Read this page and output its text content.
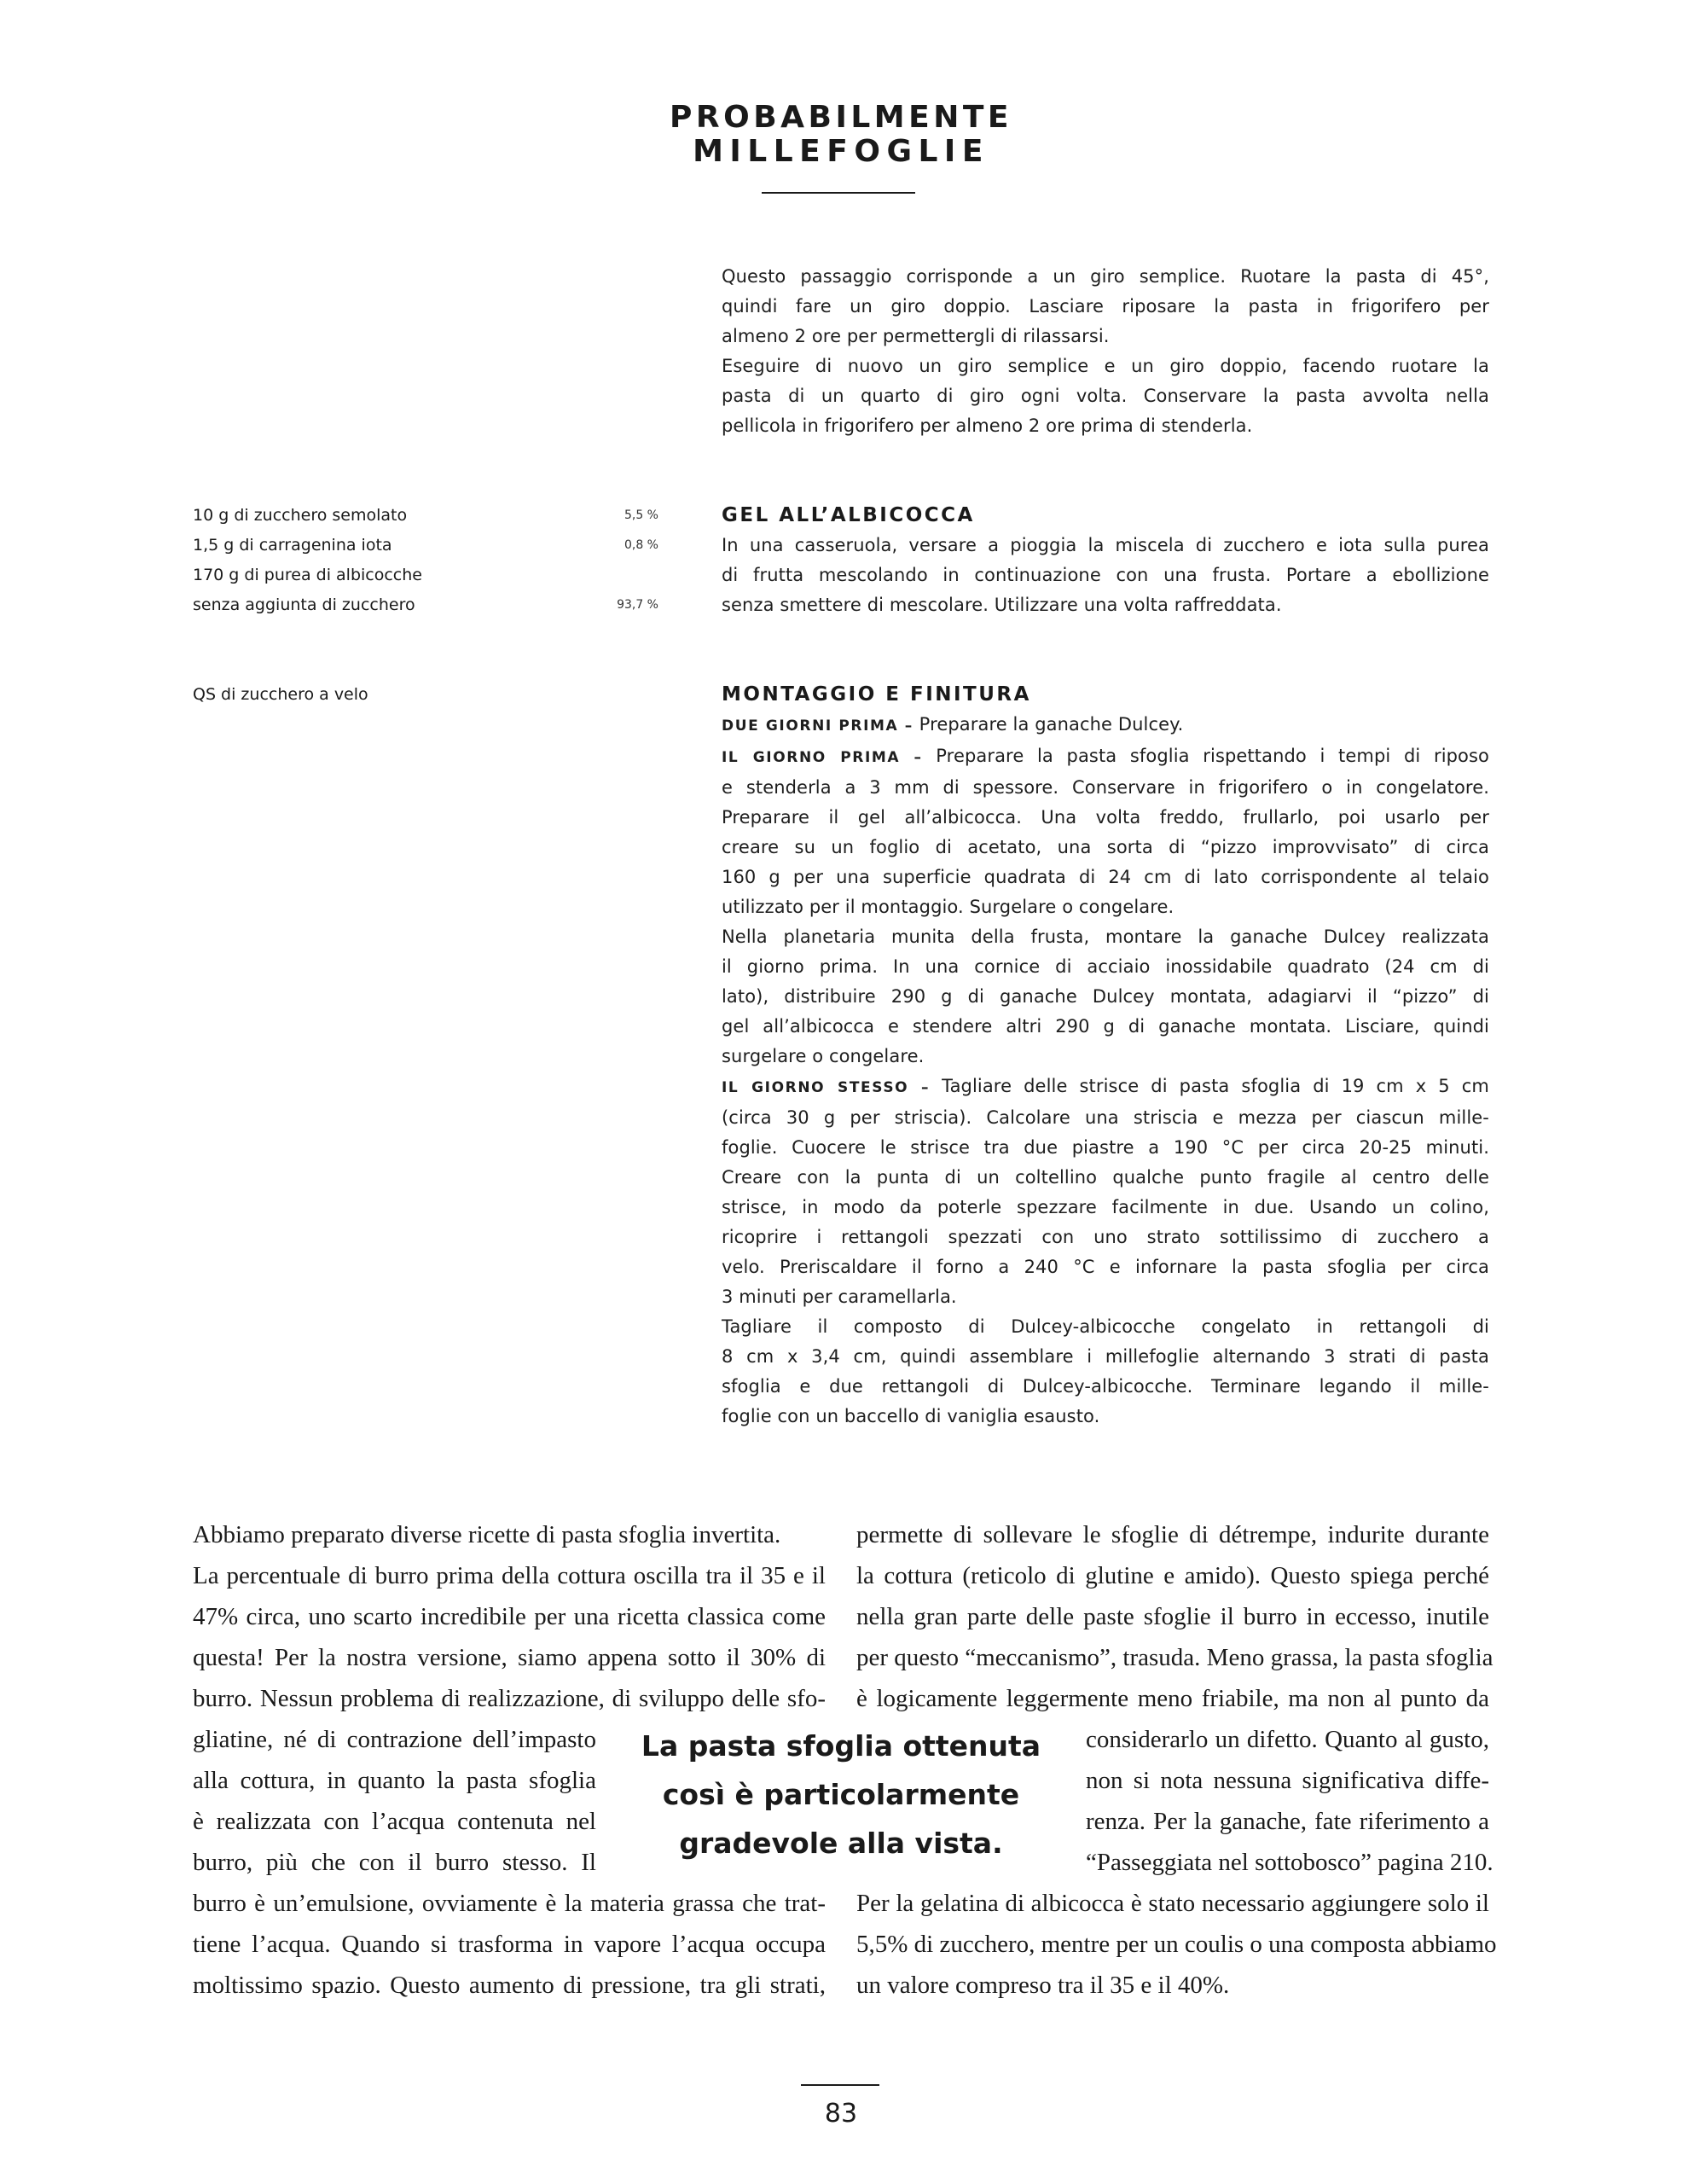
PROBABILMENTE
MILLEFOGLIE
Questo passaggio corrisponde a un giro semplice. Ruotare la pasta di 45°,
quindi fare un giro doppio. Lasciare riposare la pasta in frigorifero per
almeno 2 ore per permettergli di rilassarsi.
Eseguire di nuovo un giro semplice e un giro doppio, facendo ruotare la
pasta di un quarto di giro ogni volta. Conservare la pasta avvolta nella
pellicola in frigorifero per almeno 2 ore prima di stenderla.
10 g di zucchero semolato	5,5 %
1,5 g di carragenina iota	0,8 %
170 g di purea di albicocche
senza aggiunta di zucchero	93,7 %
GEL ALL’ALBICOCCA
In una casseruola, versare a pioggia la miscela di zucchero e iota sulla purea
di frutta mescolando in continuazione con una frusta. Portare a ebollizione
senza smettere di mescolare. Utilizzare una volta raffreddata.
QS di zucchero a velo	MONTAGGIO E FINITURA
DUE GIORNI PRIMA – Preparare la ganache Dulcey.
IL GIORNO PRIMA – Preparare la pasta sfoglia rispettando i tempi di riposo
e stenderla a 3 mm di spessore. Conservare in frigorifero o in congelatore.
Preparare il gel all’albicocca. Una volta freddo, frullarlo, poi usarlo per
creare su un foglio di acetato, una sorta di “pizzo improvvisato” di circa
160 g per una superficie quadrata di 24 cm di lato corrispondente al telaio
utilizzato per il montaggio. Surgelare o congelare.
Nella planetaria munita della frusta, montare la ganache Dulcey realizzata
il giorno prima. In una cornice di acciaio inossidabile quadrato (24 cm di
lato), distribuire 290 g di ganache Dulcey montata, adagiarvi il “pizzo” di
gel all’albicocca e stendere altri 290 g di ganache montata. Lisciare, quindi
surgelare o congelare.
IL GIORNO STESSO – Tagliare delle strisce di pasta sfoglia di 19 cm x 5 cm
(circa 30 g per striscia). Calcolare una striscia e mezza per ciascun mille-
foglie. Cuocere le strisce tra due piastre a 190 °C per circa 20-25 minuti.
Creare con la punta di un coltellino qualche punto fragile al centro delle
strisce, in modo da poterle spezzare facilmente in due. Usando un colino,
ricoprire i rettangoli spezzati con uno strato sottilissimo di zucchero a
velo. Preriscaldare il forno a 240 °C e infornare la pasta sfoglia per circa
3 minuti per caramellarla.
Tagliare il composto di Dulcey-albicocche congelato in rettangoli di
8 cm x 3,4 cm, quindi assemblare i millefoglie alternando 3 strati di pasta
sfoglia e due rettangoli di Dulcey-albicocche. Terminare legando il mille-
foglie con un baccello di vaniglia esausto.
Abbiamo preparato diverse ricette di pasta sfoglia invertita.
La percentuale di burro prima della cottura oscilla tra il 35 e il
47% circa, uno scarto incredibile per una ricetta classica come
questa! Per la nostra versione, siamo appena sotto il 30% di
burro. Nessun problema di realizzazione, di sviluppo delle sfo-
gliatine, né di contrazione dell’impasto
alla cottura, in quanto la pasta sfoglia
è realizzata con l’acqua contenuta nel
burro, più che con il burro stesso. Il
burro è un’emulsione, ovviamente è la materia grassa che trat-
tiene l’acqua. Quando si trasforma in vapore l’acqua occupa
moltissimo spazio. Questo aumento di pressione, tra gli strati,
permette di sollevare le sfoglie di détrempe, indurite durante
la cottura (reticolo di glutine e amido). Questo spiega perché
nella gran parte delle paste sfoglie il burro in eccesso, inutile
per questo “meccanismo”, trasuda. Meno grassa, la pasta sfoglia
è logicamente leggermente meno friabile, ma non al punto da
considerarlo un difetto. Quanto al gusto,
non si nota nessuna significativa diffe-
renza. Per la ganache, fate riferimento a
“Passeggiata nel sottobosco” pagina 210.
Per la gelatina di albicocca è stato necessario aggiungere solo il
5,5% di zucchero, mentre per un coulis o una composta abbiamo
un valore compreso tra il 35 e il 40%.
La pasta sfoglia ottenuta
così è particolarmente
gradevole alla vista.
83
